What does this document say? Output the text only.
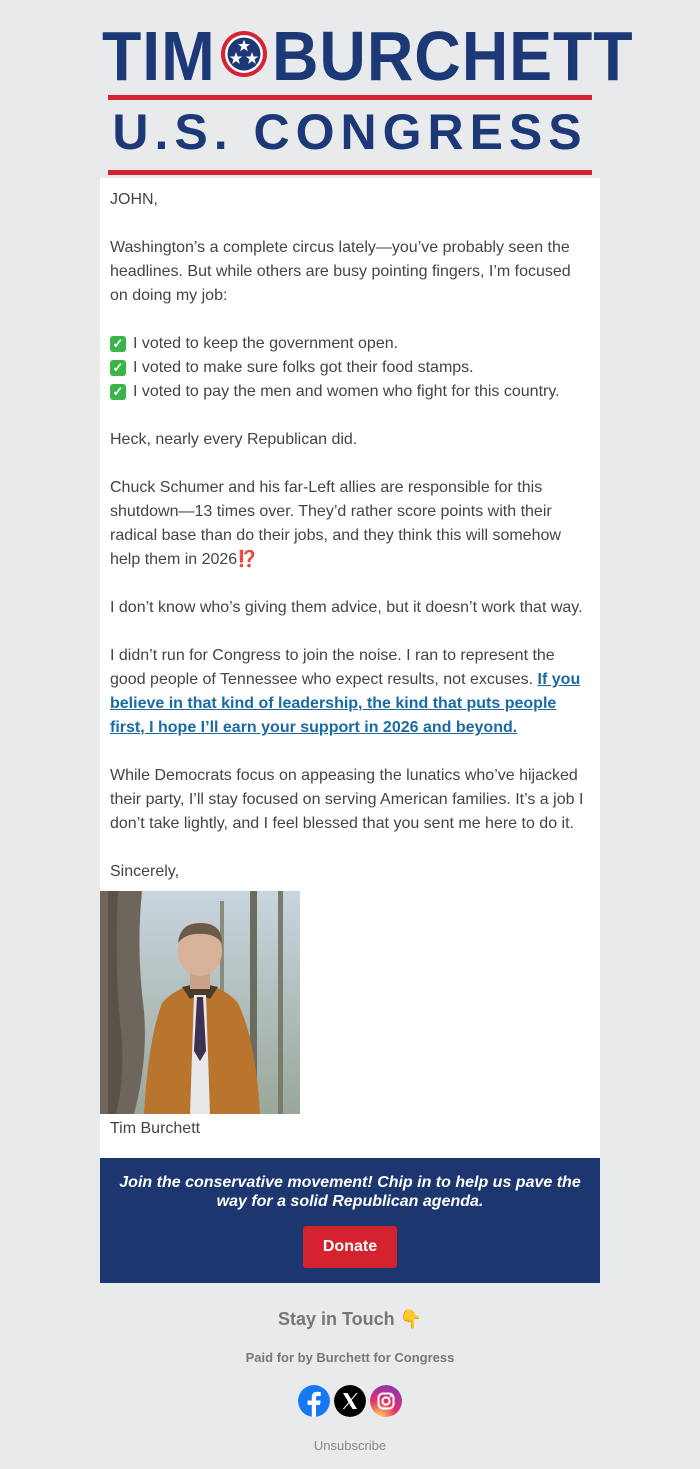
TIM BURCHETT
U.S. CONGRESS

JOHN,

Washington’s a complete circus lately—you’ve probably seen the headlines. But while others are busy pointing fingers, I’m focused on doing my job:

✓ I voted to keep the government open.
✓ I voted to make sure folks got their food stamps.
✓ I voted to pay the men and women who fight for this country.

Heck, nearly every Republican did.

Chuck Schumer and his far-Left allies are responsible for this shutdown—13 times over. They’d rather score points with their radical base than do their jobs, and they think this will somehow help them in 2026⁉️

I don’t know who’s giving them advice, but it doesn’t work that way.

I didn’t run for Congress to join the noise. I ran to represent the good people of Tennessee who expect results, not excuses. If you believe in that kind of leadership, the kind that puts people first, I hope I’ll earn your support in 2026 and beyond.

While Democrats focus on appeasing the lunatics who’ve hijacked their party, I’ll stay focused on serving American families. It’s a job I don’t take lightly, and I feel blessed that you sent me here to do it.

Sincerely,

Tim Burchett
Join the conservative movement! Chip in to help us pave the way for a solid Republican agenda.
Donate
Stay in Touch 👇
Paid for by Burchett for Congress
Unsubscribe
